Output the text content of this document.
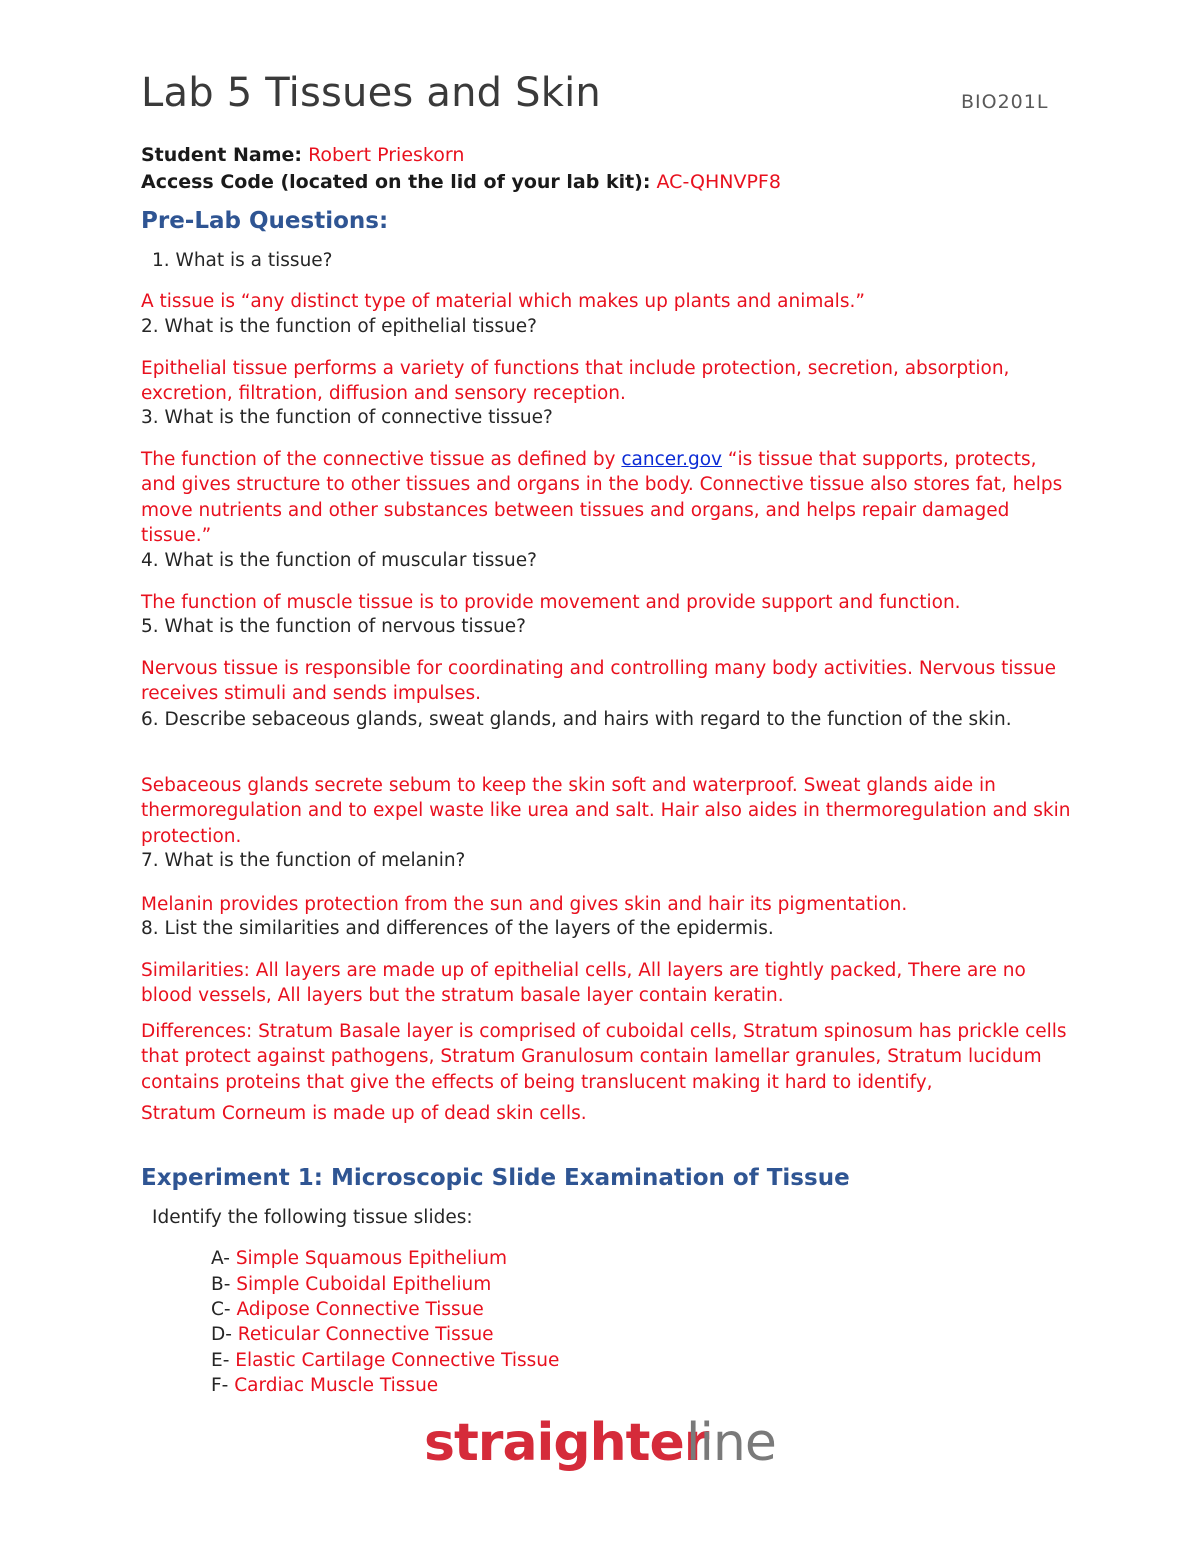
Lab 5 Tissues and Skin	BIO201L
Student Name: Robert Prieskorn
Access Code (located on the lid of your lab kit): AC-QHNVPF8
Pre-Lab Questions:
1. What is a tissue?
A tissue is “any distinct type of material which makes up plants and animals.”
2. What is the function of epithelial tissue?
Epithelial tissue performs a variety of functions that include protection, secretion, absorption, excretion, filtration, diffusion and sensory reception.
3. What is the function of connective tissue?
The function of the connective tissue as defined by cancer.gov “is tissue that supports, protects, and gives structure to other tissues and organs in the body. Connective tissue also stores fat, helps move nutrients and other substances between tissues and organs, and helps repair damaged tissue.”
4. What is the function of muscular tissue?
The function of muscle tissue is to provide movement and provide support and function.
5. What is the function of nervous tissue?
Nervous tissue is responsible for coordinating and controlling many body activities. Nervous tissue receives stimuli and sends impulses.
6. Describe sebaceous glands, sweat glands, and hairs with regard to the function of the skin.
Sebaceous glands secrete sebum to keep the skin soft and waterproof. Sweat glands aide in thermoregulation and to expel waste like urea and salt. Hair also aides in thermoregulation and skin protection.
7. What is the function of melanin?
Melanin provides protection from the sun and gives skin and hair its pigmentation.
8. List the similarities and differences of the layers of the epidermis.
Similarities: All layers are made up of epithelial cells, All layers are tightly packed, There are no blood vessels, All layers but the stratum basale layer contain keratin.
Differences: Stratum Basale layer is comprised of cuboidal cells, Stratum spinosum has prickle cells that protect against pathogens, Stratum Granulosum contain lamellar granules, Stratum lucidum contains proteins that give the effects of being translucent making it hard to identify,
Stratum Corneum is made up of dead skin cells.
Experiment 1: Microscopic Slide Examination of Tissue
Identify the following tissue slides:
A- Simple Squamous Epithelium
B- Simple Cuboidal Epithelium
C- Adipose Connective Tissue
D- Reticular Connective Tissue
E- Elastic Cartilage Connective Tissue
F- Cardiac Muscle Tissue
straighter
line
